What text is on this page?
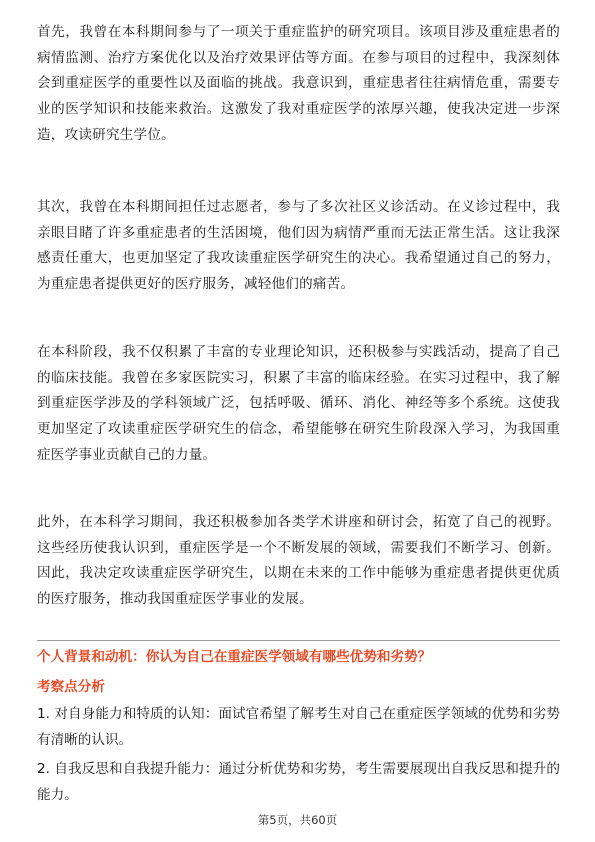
首先，我曾在本科期间参与了一项关于重症监护的研究项目。该项目涉及重症患者的病情监测、治疗方案优化以及治疗效果评估等方面。在参与项目的过程中，我深刻体会到重症医学的重要性以及面临的挑战。我意识到，重症患者往往病情危重，需要专业的医学知识和技能来救治。这激发了我对重症医学的浓厚兴趣，使我决定进一步深造，攻读研究生学位。

其次，我曾在本科期间担任过志愿者，参与了多次社区义诊活动。在义诊过程中，我亲眼目睹了许多重症患者的生活困境，他们因为病情严重而无法正常生活。这让我深感责任重大，也更加坚定了我攻读重症医学研究生的决心。我希望通过自己的努力，为重症患者提供更好的医疗服务，减轻他们的痛苦。

在本科阶段，我不仅积累了丰富的专业理论知识，还积极参与实践活动，提高了自己的临床技能。我曾在多家医院实习，积累了丰富的临床经验。在实习过程中，我了解到重症医学涉及的学科领域广泛，包括呼吸、循环、消化、神经等多个系统。这使我更加坚定了攻读重症医学研究生的信念，希望能够在研究生阶段深入学习，为我国重症医学事业贡献自己的力量。

此外，在本科学习期间，我还积极参加各类学术讲座和研讨会，拓宽了自己的视野。这些经历使我认识到，重症医学是一个不断发展的领域，需要我们不断学习、创新。因此，我决定攻读重症医学研究生，以期在未来的工作中能够为重症患者提供更优质的医疗服务，推动我国重症医学事业的发展。

个人背景和动机：你认为自己在重症医学领域有哪些优势和劣势？

考察点分析

1. 对自身能力和特质的认知：面试官希望了解考生对自己在重症医学领域的优势和劣势有清晰的认识。
2. 自我反思和自我提升能力：通过分析优势和劣势，考生需要展现出自我反思和提升的能力。
第5页，共60页
